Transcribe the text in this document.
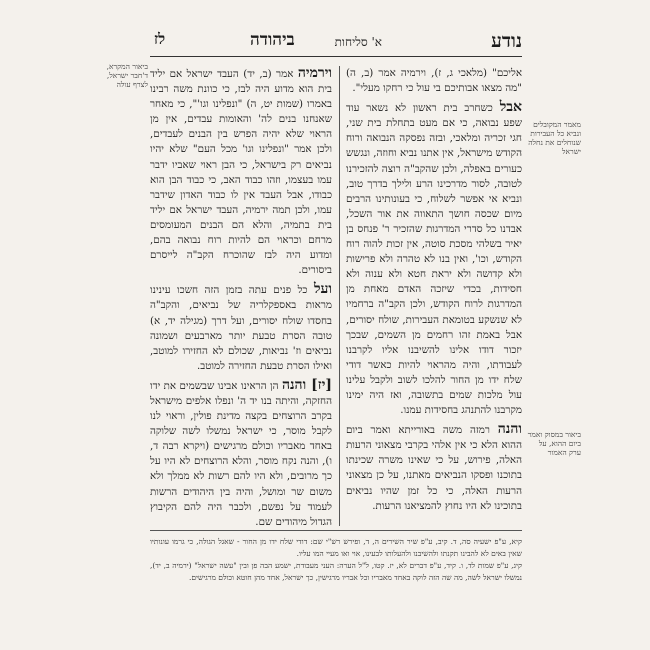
נודע
א' סליחות
ביהודה
לז

אליכם" (מלאכי ג, ז), וירמיה אמר (ב, ה) "מה מצאו אבותיכם בי עול כי רחקו מעלי".

אבל כשחרב בית ראשון לא נשאר עוד שפע נבואה, כי אם מעט בתחלת בית שני, חגי זכריה ומלאכי, ובזה נפסקה הנבואה ורוח הקודש מישראל, אין אתנו נביא וחוזה, ונגשש כעורים באפלה, ולכן שהקב"ה רוצה להזכירנו לטובה, לסור מדרכינו הרע ולילך בדרך טוב, ונביא אי אפשר לשלוח, כי בעונותינו הרבים מיום שכסה חושך התאווה את אור השכל, אבדנו כל סדרי המדרגות שהזכיר ר' פנחס בן יאיר בשלהי מסכת סוטה, אין זכות להוה רוח הקודש, וכו', ואין בנו לא טהרה ולא פרישות ולא קדושה ולא יראת חטא ולא ענוה ולא חסידות, בכדי שיזכה האדם מאחת מן המדרגות לרוח הקודש, ולכן הקב"ה ברחמיו לא שנשקע בטומאת העבירות, שולח יסורים, אבל באמת זהו רחמים מן השמים, שבכך יזכור דודו אלינו להשיבנו אליו לקרבנו לעבודתו, והיה מהראוי להיות כאשר דודי שלח ידו מן החור להלכו לשוב ולקבל עלינו עול מלכות שמים בתשובה, ואז היה ימינו מקרבנו להתנהג בחסידות עמנו.

והנה רמזה משה באורייתא ואמר ביום ההוא הלא כי אין אלהי בקרבי מצאוני הרעות האלה, פירוש, על כי שאינו משרה שכינתו בתוכנו ופסקו הנביאים מאתנו, על כן מצאוני הרעות האלה, כי כל זמן שהיו נביאים בתוכינו לא היו נחוץ להמציאנו הרעות.

וירמיה אמר (ב, יד) העבד ישראל אם יליד בית הוא מדוע היה לבז, כי כוונת משה רבינו באמרו (שמות יט, ה) "ונפלינו וגו'", כי מאחר שאנחנו בנים לה' והאומות עבדים, אין מן הראוי שלא יהיה הפרש בין הבנים לעבדים, ולכן אמר "ונפלינו וגו' מכל העם" שלא יהיו נביאים רק בישראל, כי הבן ראוי שאביו ידבר עמו בעצמו, וזהו כבוד האב, כי כבוד הבן הוא כבודו, אבל העבד אין לו כבוד האדון שידבר עמו, ולכן תמה ירמיה, העבד ישראל אם יליד בית בתמיה, והלא הם הבנים המעומסים מרחם וכראוי הם להיות רוח נבואה בהם, ומדוע היה לבז שהוכרח הקב"ה לייסרם ביסורים.

ועל כל פנים עתה בזמן הזה חשכו עינינו מראות באספקלריה של נביאים, והקב"ה בחסדו שולח יסורים, ועל דרך (מגילה יד, א) טובה הסרת טבעת יותר מארבעים ושמונה נביאים וז' נביאות, שכולם לא החזירו למוטב, ואילו הסרת טבעת החזירה למוטב.

[יז] והנה הן הראינו אבינו שבשמים את ידו החזקה, והיתה בנו יד ה' ונפלו אלפים מישראל בקרב הרוצחים בקצה מדינת פולין, וראוי לנו לקבל מוסר, כי ישראל נמשלו לשה שלוקה באחד מאבריו וכולם מרגישים (ויקרא רבה ד, ו), והנה נקח מוסר, והלא הרוצחים לא היו על כך מרובים, ולא היו להם רשות לא ממלך ולא משום שר ומושל, והיה בין היהודים הרשות לעמוד על נפשם, ולכבר היה להם הקיבוץ הגדול מיהודים שם.

מאמר המקובלים ונביא כל העבירות שנוחלים את נחלה ישראל
ביאור המקרא, ד'חבר ישראל, לצרף עולה
ביאור במסוק ואמר ביום ההוא, על ערק האמור

קיא, ע"פ ישעיה סה, ד. קיב, ע"פ שיר השירים ה, ד, ופירש רש"י שם: דודי שלח ידו מן החור - שאגל הגולה, כי גרמו עונותיו שאין באים לא להבינו תקנתו ולהשיבנו ולהעלותו לבעינו, אוי ואו מעיי המו עליו.

קיג, ע"פ שמות לד, ו. קיד, ע"פ דברים לא, יז. קטו, ל"ל הערה: העני מעבודת, ישמע הבה פן ובין "עשה ישראל" (ירמיה ב, יד), נמשלו ישראל לשה, מה שה הזה לוקה באחד מאבריו וכל אבריו מרגישין, כך ישראל, אחד מהן חוטא וכולם מרגישים.
